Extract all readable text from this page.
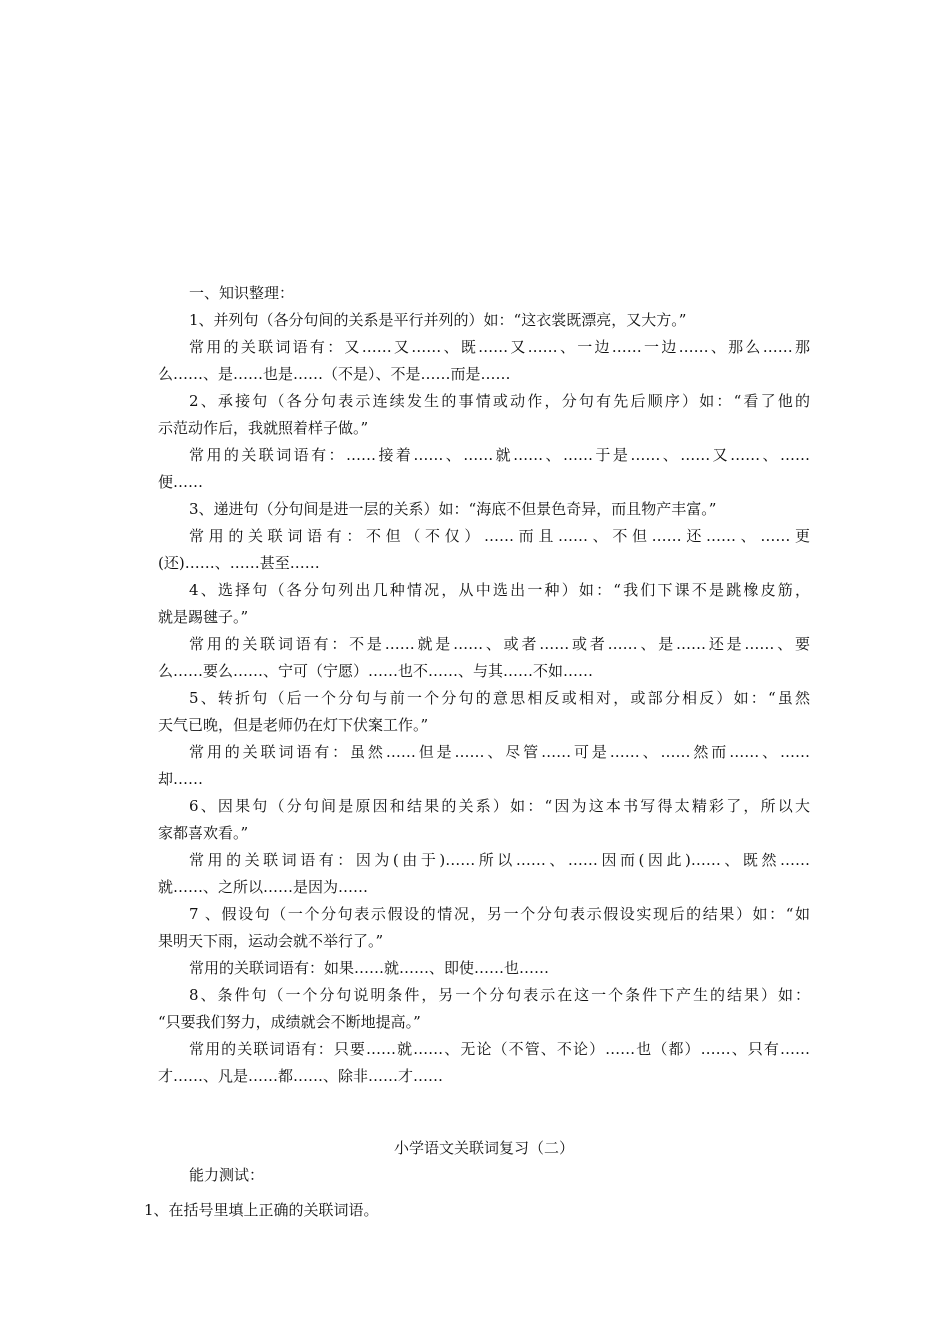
一、知识整理：
1、并列句（各分句间的关系是平行并列的）如：“这衣裳既漂亮，又大方。”
常用的关联词语有：又……又……、既……又……、一边……一边……、那么……那
么……、是……也是……（不是）、不是……而是……
2、承接句（各分句表示连续发生的事情或动作，分句有先后顺序）如：“看了他的
示范动作后，我就照着样子做。”
常用的关联词语有：……接着……、……就……、……于是……、……又……、……
便……
3、递进句（分句间是进一层的关系）如：“海底不但景色奇异，而且物产丰富。”
常用的关联词语有：不但（不仅）……而且……、不但……还……、……更
(还)……、……甚至……
4、选择句（各分句列出几种情况，从中选出一种）如：“我们下课不是跳橡皮筋，
就是踢毽子。”
常用的关联词语有：不是……就是……、或者……或者……、是……还是……、要
么……要么……、宁可（宁愿）……也不……、与其……不如……
5、转折句（后一个分句与前一个分句的意思相反或相对，或部分相反）如：“虽然
天气已晚，但是老师仍在灯下伏案工作。”
常用的关联词语有：虽然……但是……、尽管……可是……、……然而……、……
却……
6、因果句（分句间是原因和结果的关系）如：“因为这本书写得太精彩了，所以大
家都喜欢看。”
常用的关联词语有：因为(由于)……所以……、……因而(因此)……、既然……
就……、之所以……是因为……
7 、假设句（一个分句表示假设的情况，另一个分句表示假设实现后的结果）如：“如
果明天下雨，运动会就不举行了。”
常用的关联词语有：如果……就……、即使……也……
8、条件句（一个分句说明条件，另一个分句表示在这一个条件下产生的结果）如：
“只要我们努力，成绩就会不断地提高。”
常用的关联词语有：只要……就……、无论（不管、不论）……也（都）……、只有……
才……、凡是……都……、除非……才……
小学语文关联词复习（二）
能力测试：
1、在括号里填上正确的关联词语。
